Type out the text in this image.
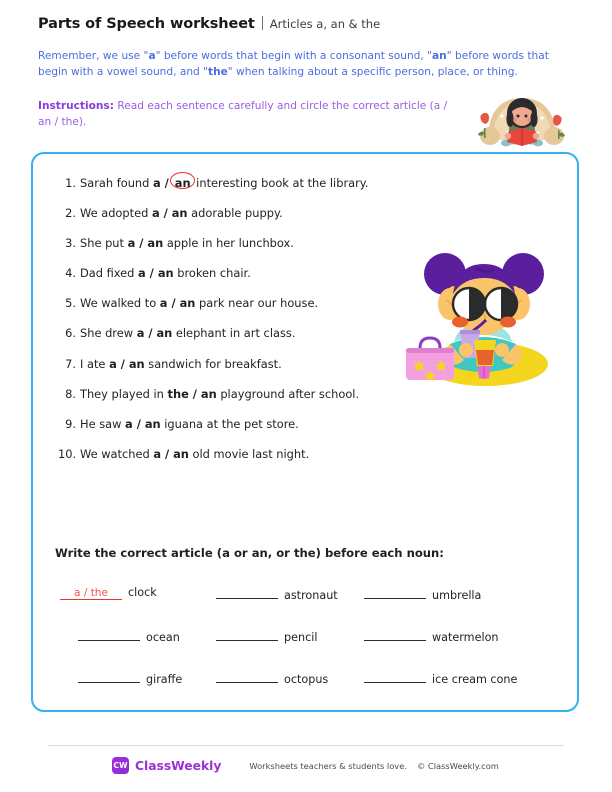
Parts of Speech worksheet Articles a, an & the
Remember, we use "a" before words that begin with a consonant sound, "an" before words that begin with a vowel sound, and "the" when talking about a specific person, place, or thing.
Instructions: Read each sentence carefully and circle the correct article (a / an / the).
1. Sarah found a / an
interesting book at the library.
2. We adopted a / an adorable puppy.
3. She put a / an apple in her lunchbox.
4. Dad fixed a / an broken chair.
5. We walked to a / an park near our house.
6. She drew a / an elephant in art class.
7. I ate a / an sandwich for breakfast.
8. They played in the / an playground after school.
9. He saw a / an iguana at the pet store.
10. We watched a / an old movie last night.
Write the correct article (a or an, or the) before each noun:
a / the	clock	astronaut	umbrella
ocean	pencil	watermelon
giraffe	octopus	ice cream cone
CW ClassWeekly	Worksheets teachers & students love. © ClassWeekly.com
